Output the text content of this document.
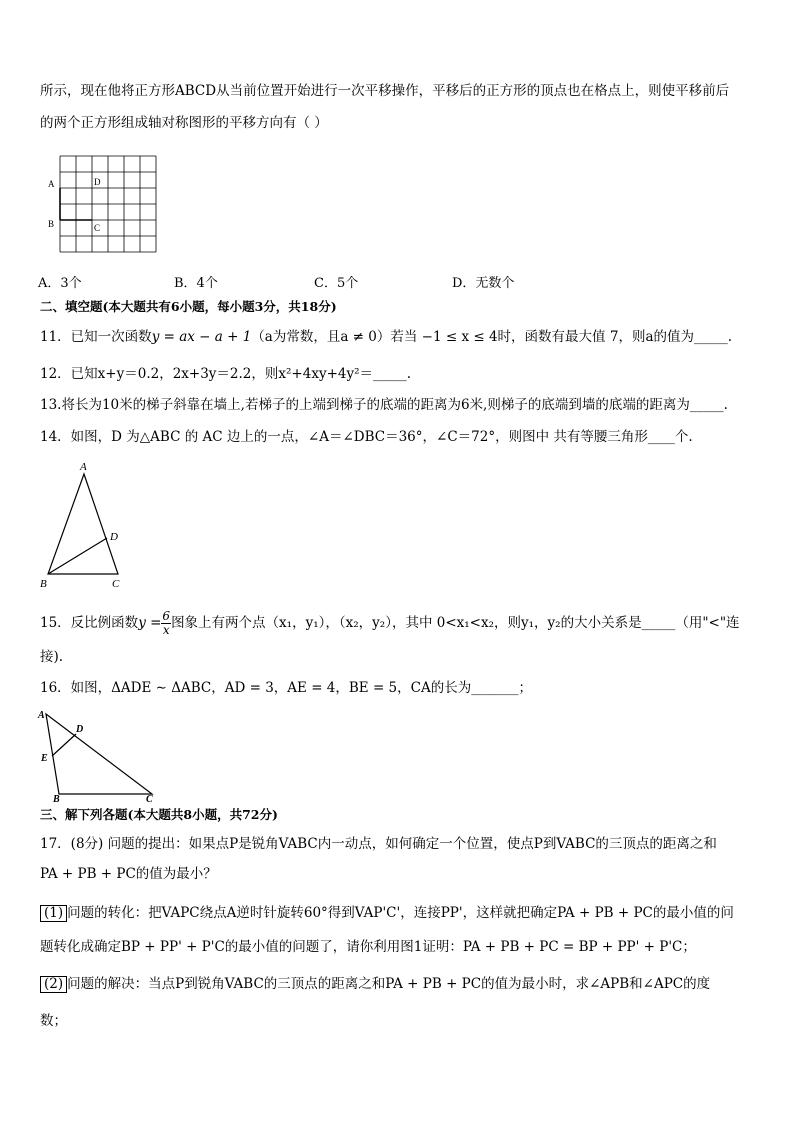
所示，现在他将正方形ABCD从当前位置开始进行一次平移操作，平移后的正方形的顶点也在格点上，则使平移前后
的两个正方形组成轴对称图形的平移方向有（ ）
A
B	C
D
A．3个	B．4个	C．5个	D．无数个
二、填空题(本大题共有6小题，每小题3分，共18分)
11．已知一次函数y = ax − a + 1（a为常数，且a ≠ 0）若当 −1 ≤ x ≤ 4时，函数有最大值 7，则a的值为_____.
12．已知x+y＝0.2，2x+3y＝2.2，则x²+4xy+4y²＝_____.
13.将长为10米的梯子斜靠在墙上,若梯子的上端到梯子的底端的距离为6米,则梯子的底端到墙的底端的距离为_____.
14．如图，D 为△ABC 的 AC 边上的一点，∠A＝∠DBC＝36°，∠C＝72°，则图中 共有等腰三角形____个.
A
D
B	C
15．反比例函数$y = \frac{6}{x}$ 图象上有两个点（x₁，y₁），（x₂，y₂），其中 0<x₁<x₂，则y₁，y₂的大小关系是_____（用"<"连
接).
16．如图，ΔADE ∼ ΔABC，AD = 3，AE = 4，BE = 5，CA的长为_______；
A
D
E
B	C
三、解下列各题(本大题共8小题，共72分)
17．(8分) 问题的提出：如果点P是锐角VABC内一动点，如何确定一个位置，使点P到VABC的三顶点的距离之和
PA + PB + PC的值为最小？
(1) 问题的转化：把VAPC绕点A逆时针旋转60°得到VAP'C'，连接PP'，这样就把确定PA + PB + PC的最小值的问
题转化成确定BP + PP' + P'C的最小值的问题了，请你利用图1证明：PA + PB + PC = BP + PP' + P'C；
(2) 问题的解决：当点P到锐角VABC的三顶点的距离之和PA + PB + PC的值为最小时，求∠APB和∠APC的度
数；
